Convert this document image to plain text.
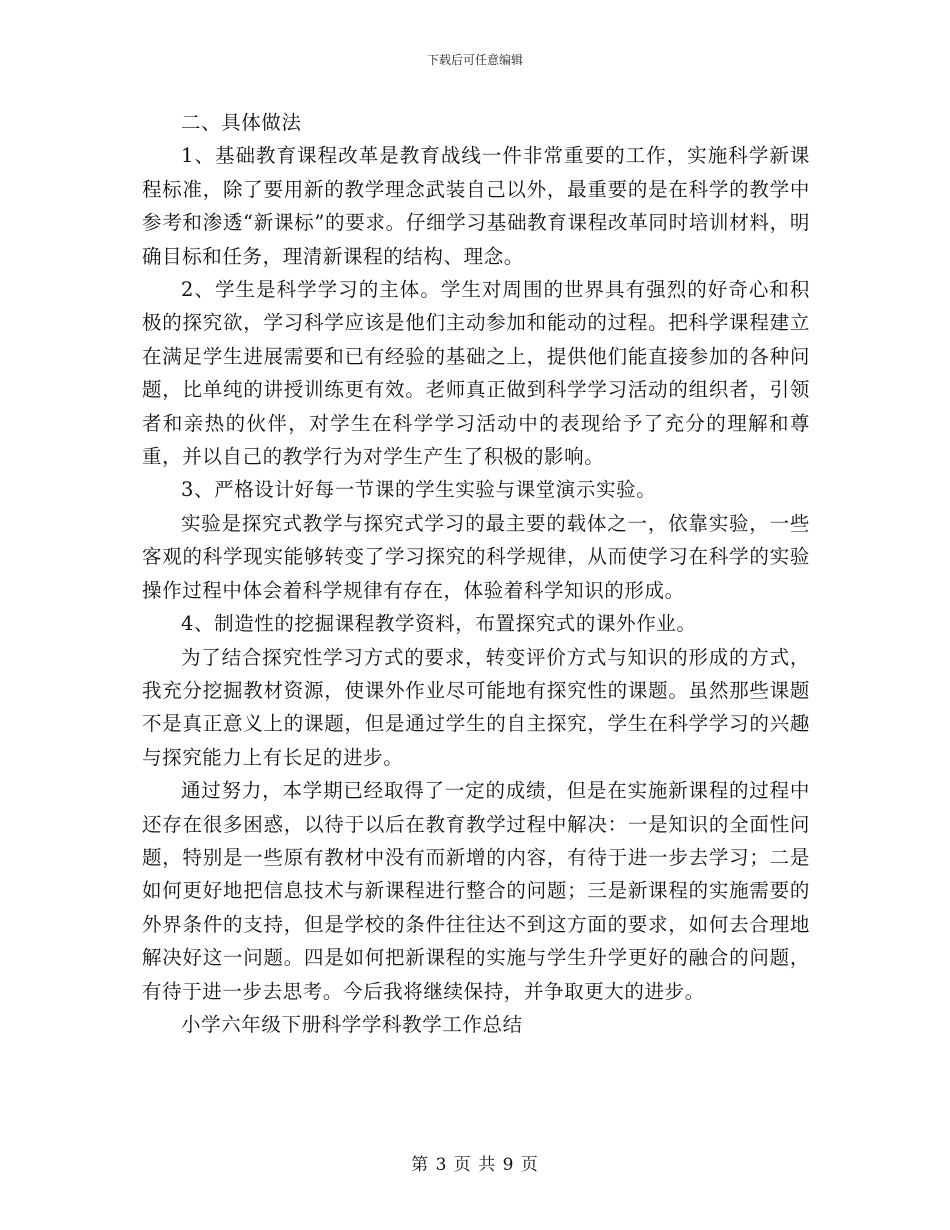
下载后可任意编辑

二、具体做法

1、基础教育课程改革是教育战线一件非常重要的工作，实施科学新课程标准，除了要用新的教学理念武装自己以外，最重要的是在科学的教学中参考和渗透“新课标”的要求。仔细学习基础教育课程改革同时培训材料，明确目标和任务，理清新课程的结构、理念。

2、学生是科学学习的主体。学生对周围的世界具有强烈的好奇心和积极的探究欲，学习科学应该是他们主动参加和能动的过程。把科学课程建立在满足学生进展需要和已有经验的基础之上，提供他们能直接参加的各种问题，比单纯的讲授训练更有效。老师真正做到科学学习活动的组织者，引领者和亲热的伙伴，对学生在科学学习活动中的表现给予了充分的理解和尊重，并以自己的教学行为对学生产生了积极的影响。

3、严格设计好每一节课的学生实验与课堂演示实验。

实验是探究式教学与探究式学习的最主要的载体之一，依靠实验，一些客观的科学现实能够转变了学习探究的科学规律，从而使学习在科学的实验操作过程中体会着科学规律有存在，体验着科学知识的形成。

4、制造性的挖掘课程教学资料，布置探究式的课外作业。

为了结合探究性学习方式的要求，转变评价方式与知识的形成的方式，我充分挖掘教材资源，使课外作业尽可能地有探究性的课题。虽然那些课题不是真正意义上的课题，但是通过学生的自主探究，学生在科学学习的兴趣与探究能力上有长足的进步。

通过努力，本学期已经取得了一定的成绩，但是在实施新课程的过程中还存在很多困惑，以待于以后在教育教学过程中解决：一是知识的全面性问题，特别是一些原有教材中没有而新增的内容，有待于进一步去学习；二是如何更好地把信息技术与新课程进行整合的问题；三是新课程的实施需要的外界条件的支持，但是学校的条件往往达不到这方面的要求，如何去合理地解决好这一问题。四是如何把新课程的实施与学生升学更好的融合的问题，有待于进一步去思考。今后我将继续保持，并争取更大的进步。

小学六年级下册科学学科教学工作总结

第 3 页 共 9 页
